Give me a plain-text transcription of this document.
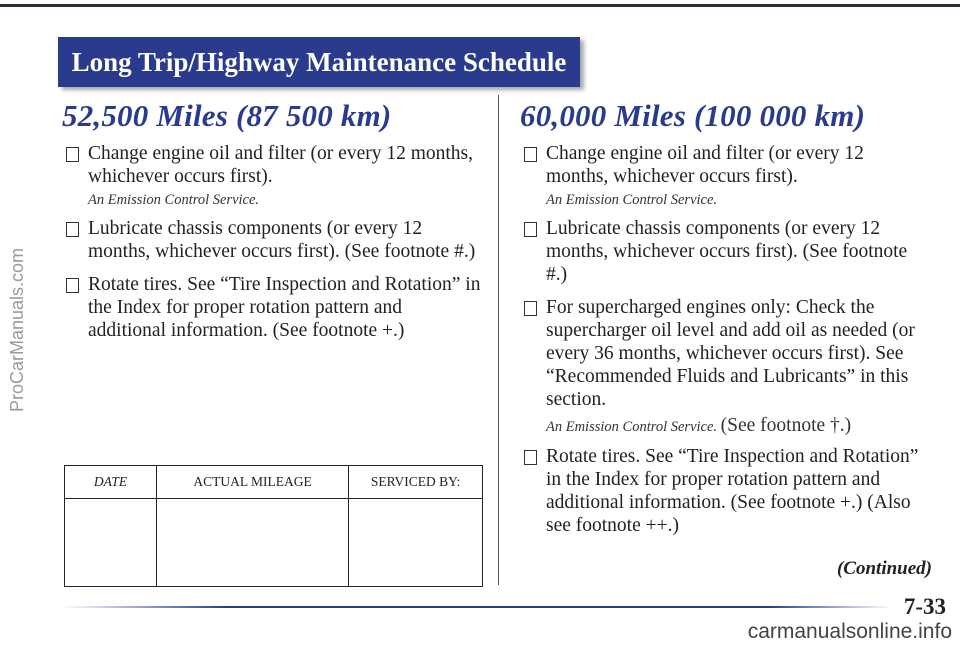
Long Trip/Highway Maintenance Schedule
ProCarManuals.com
52,500 Miles (87 500 km)
Change engine oil and filter (or every 12 months, whichever occurs first).
An Emission Control Service.
Lubricate chassis components (or every 12 months, whichever occurs first). (See footnote #.)
Rotate tires. See “Tire Inspection and Rotation” in the Index for proper rotation pattern and additional information. (See footnote +.)
DATE	ACTUAL MILEAGE	SERVICED BY:

60,000 Miles (100 000 km)
Change engine oil and filter (or every 12 months, whichever occurs first).
An Emission Control Service.
Lubricate chassis components (or every 12 months, whichever occurs first). (See footnote #.)
For supercharged engines only: Check the supercharger oil level and add oil as needed (or every 36 months, whichever occurs first). See “Recommended Fluids and Lubricants” in this section.
An Emission Control Service. (See footnote †.)
Rotate tires. See “Tire Inspection and Rotation” in the Index for proper rotation pattern and additional information. (See footnote +.) (Also see footnote ++.)
(Continued)
7-33
carmanualsonline.info
